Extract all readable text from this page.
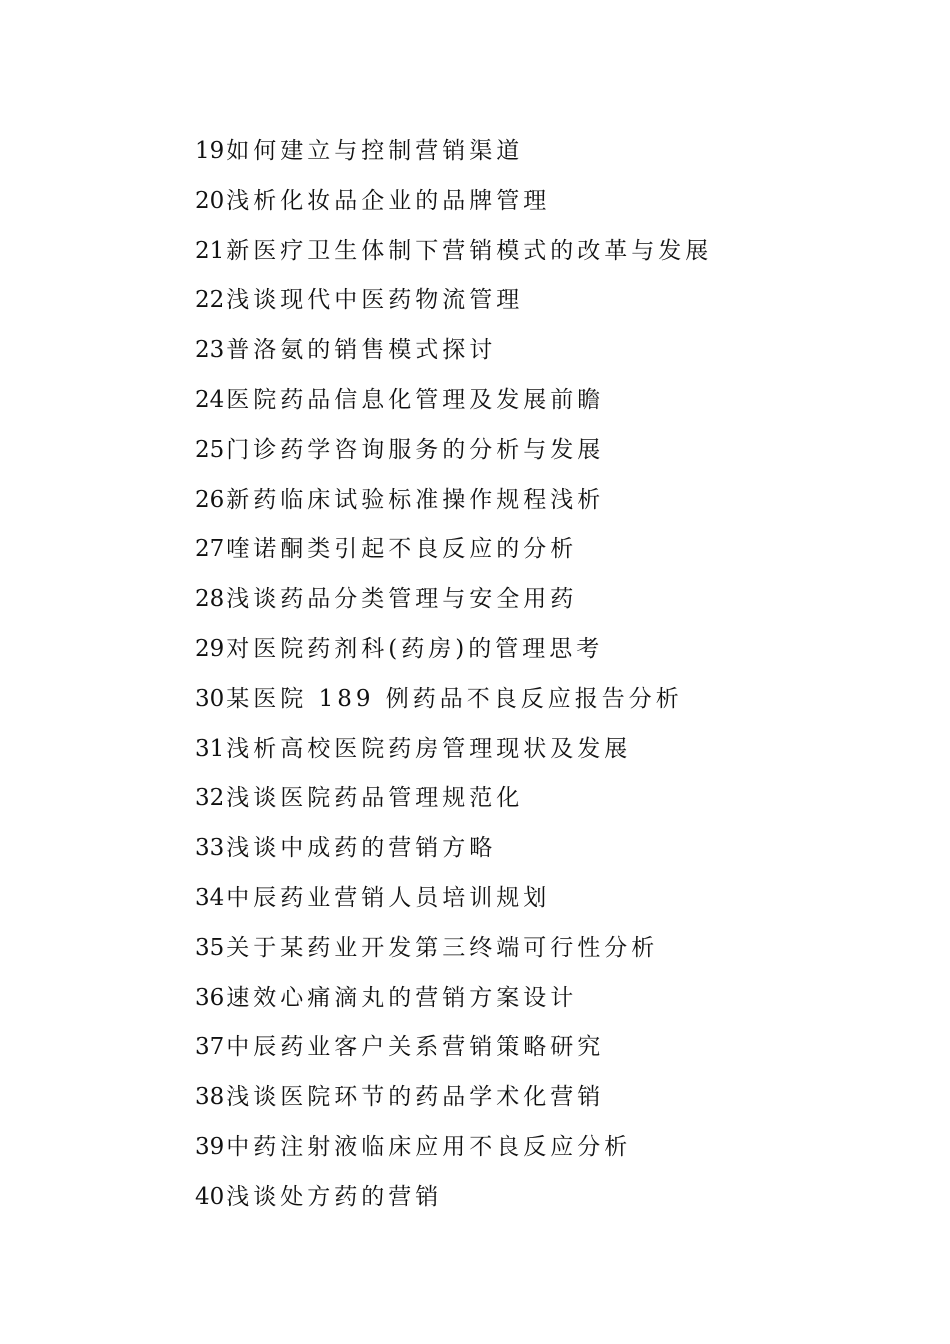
19如何建立与控制营销渠道
20浅析化妆品企业的品牌管理
21新医疗卫生体制下营销模式的改革与发展
22浅谈现代中医药物流管理
23普洛氨的销售模式探讨
24医院药品信息化管理及发展前瞻
25门诊药学咨询服务的分析与发展
26新药临床试验标准操作规程浅析
27喹诺酮类引起不良反应的分析
28浅谈药品分类管理与安全用药
29对医院药剂科(药房)的管理思考
30某医院 189 例药品不良反应报告分析
31浅析高校医院药房管理现状及发展
32浅谈医院药品管理规范化
33浅谈中成药的营销方略
34中辰药业营销人员培训规划
35关于某药业开发第三终端可行性分析
36速效心痛滴丸的营销方案设计
37中辰药业客户关系营销策略研究
38浅谈医院环节的药品学术化营销
39中药注射液临床应用不良反应分析
40浅谈处方药的营销
